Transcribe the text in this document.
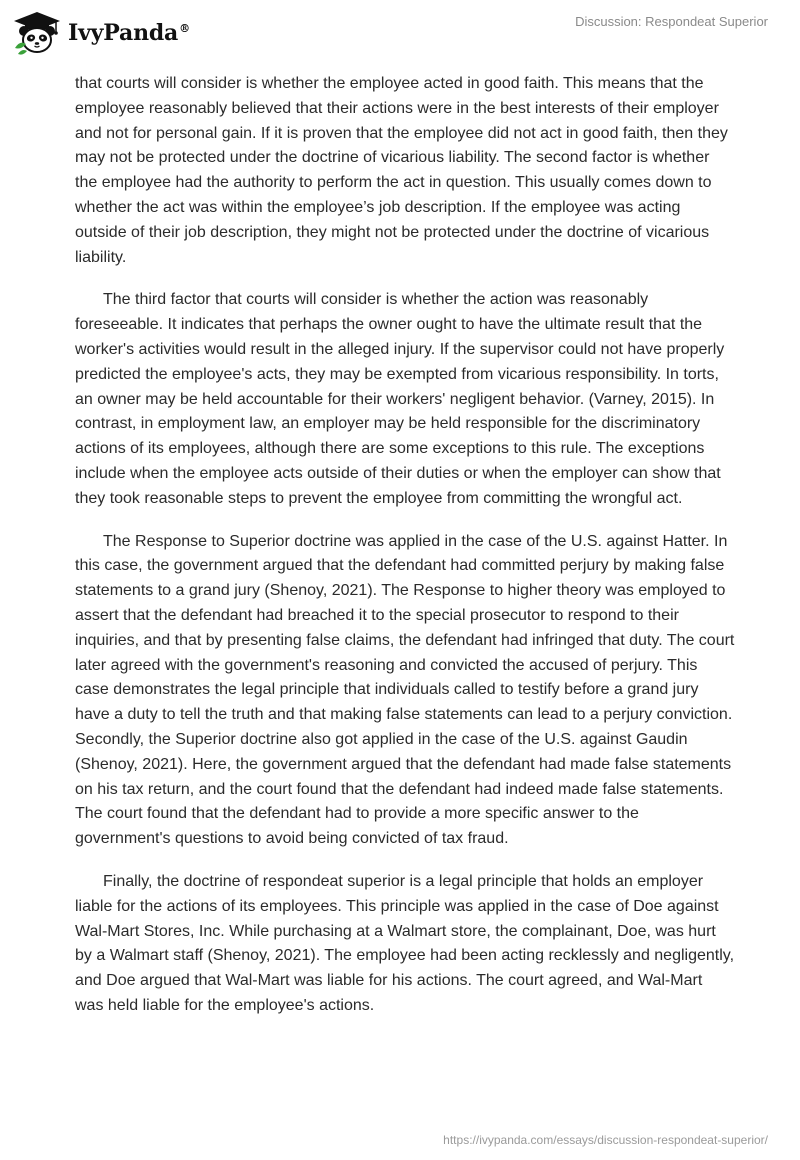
IvyPanda®	Discussion: Respondeat Superior

that courts will consider is whether the employee acted in good faith. This means that the employee reasonably believed that their actions were in the best interests of their employer and not for personal gain. If it is proven that the employee did not act in good faith, then they may not be protected under the doctrine of vicarious liability. The second factor is whether the employee had the authority to perform the act in question. This usually comes down to whether the act was within the employee’s job description. If the employee was acting outside of their job description, they might not be protected under the doctrine of vicarious liability.

The third factor that courts will consider is whether the action was reasonably foreseeable. It indicates that perhaps the owner ought to have the ultimate result that the worker's activities would result in the alleged injury. If the supervisor could not have properly predicted the employee's acts, they may be exempted from vicarious responsibility. In torts, an owner may be held accountable for their workers' negligent behavior. (Varney, 2015). In contrast, in employment law, an employer may be held responsible for the discriminatory actions of its employees, although there are some exceptions to this rule. The exceptions include when the employee acts outside of their duties or when the employer can show that they took reasonable steps to prevent the employee from committing the wrongful act.

The Response to Superior doctrine was applied in the case of the U.S. against Hatter. In this case, the government argued that the defendant had committed perjury by making false statements to a grand jury (Shenoy, 2021). The Response to higher theory was employed to assert that the defendant had breached it to the special prosecutor to respond to their inquiries, and that by presenting false claims, the defendant had infringed that duty. The court later agreed with the government's reasoning and convicted the accused of perjury. This case demonstrates the legal principle that individuals called to testify before a grand jury have a duty to tell the truth and that making false statements can lead to a perjury conviction. Secondly, the Superior doctrine also got applied in the case of the U.S. against Gaudin (Shenoy, 2021). Here, the government argued that the defendant had made false statements on his tax return, and the court found that the defendant had indeed made false statements. The court found that the defendant had to provide a more specific answer to the government's questions to avoid being convicted of tax fraud.

Finally, the doctrine of respondeat superior is a legal principle that holds an employer liable for the actions of its employees. This principle was applied in the case of Doe against Wal-Mart Stores, Inc. While purchasing at a Walmart store, the complainant, Doe, was hurt by a Walmart staff (Shenoy, 2021). The employee had been acting recklessly and negligently, and Doe argued that Wal-Mart was liable for his actions. The court agreed, and Wal-Mart was held liable for the employee's actions.

https://ivypanda.com/essays/discussion-respondeat-superior/
